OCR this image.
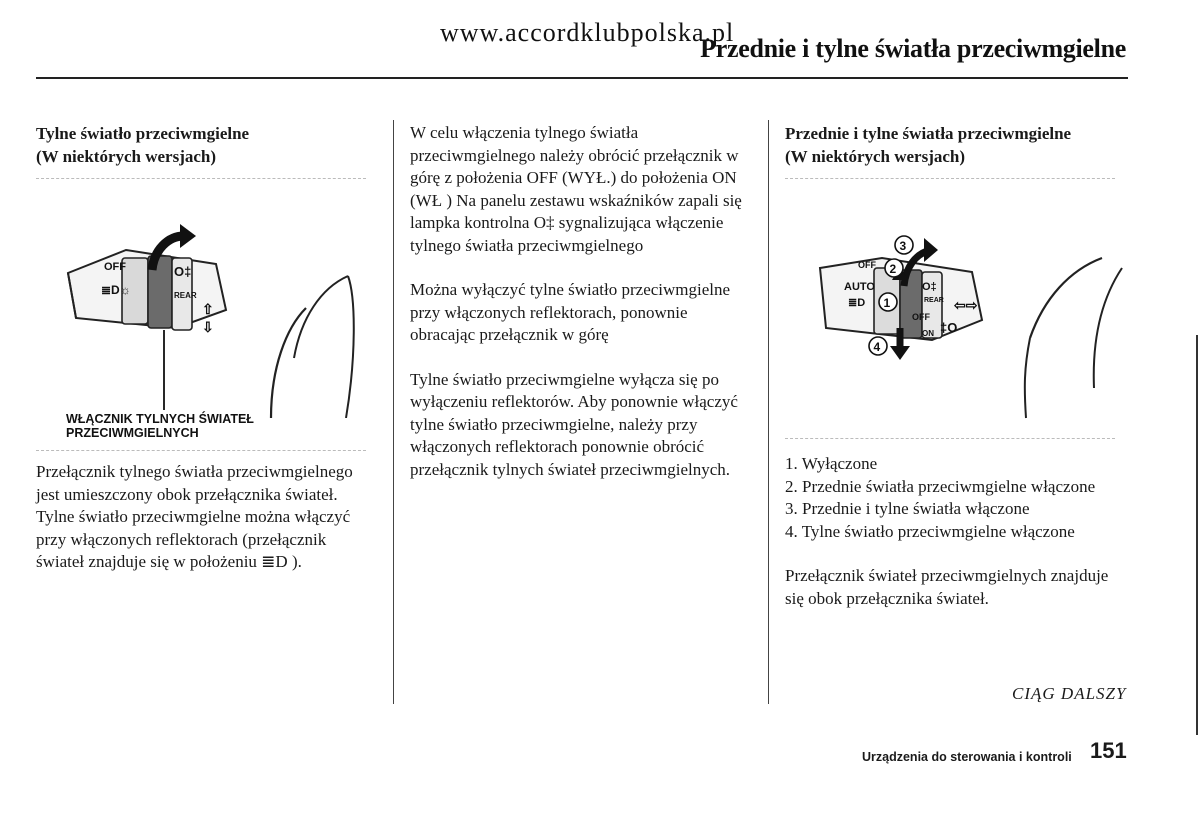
www.accordklubpolska.pl
Przednie i tylne światła przeciwmgielne
Tylne światło przeciwmgielne
(W niektórych wersjach)
OFF
REAR
O‡
≣D☼
⇧
⇩
WŁĄCZNIK TYLNYCH ŚWIATEŁ
PRZECIWMGIELNYCH

Przełącznik tylnego światła przeciwmgielnego jest umieszczony obok przełącznika świateł. Tylne światło przeciwmgielne można włączyć przy włączonych reflektorach (przełącznik świateł znajduje się w położeniu ≣D ).

W celu włączenia tylnego światła przeciwmgielnego należy obrócić przełącznik w górę z położenia OFF (WYŁ.) do położenia ON (WŁ ) Na panelu zestawu wskaźników zapali się lampka kontrolna O‡ sygnalizująca włączenie tylnego światła przeciwmgielnego

Można wyłączyć tylne światło przeciwmgielne przy włączonych reflektorach, ponownie obracając przełącznik w górę

Tylne światło przeciwmgielne wyłącza się po wyłączeniu reflektorów. Aby ponownie włączyć tylne światło przeciwmgielne, należy przy włączonych reflektorach ponownie obrócić przełącznik tylnych świateł przeciwmgielnych.

Przednie i tylne światła przeciwmgielne
(W niektórych wersjach)
3
2
1
4
OFF
AUTO
≣D	REAR
O‡
OFF
ON ‡O
⇦⇨
1. Wyłączone
2. Przednie światła przeciwmgielne włączone
3. Przednie i tylne światła włączone
4. Tylne światło przeciwmgielne włączone

Przełącznik świateł przeciwmgielnych znajduje się obok przełącznika świateł.

CIĄG DALSZY
Urządzenia do sterowania i kontroli 151
